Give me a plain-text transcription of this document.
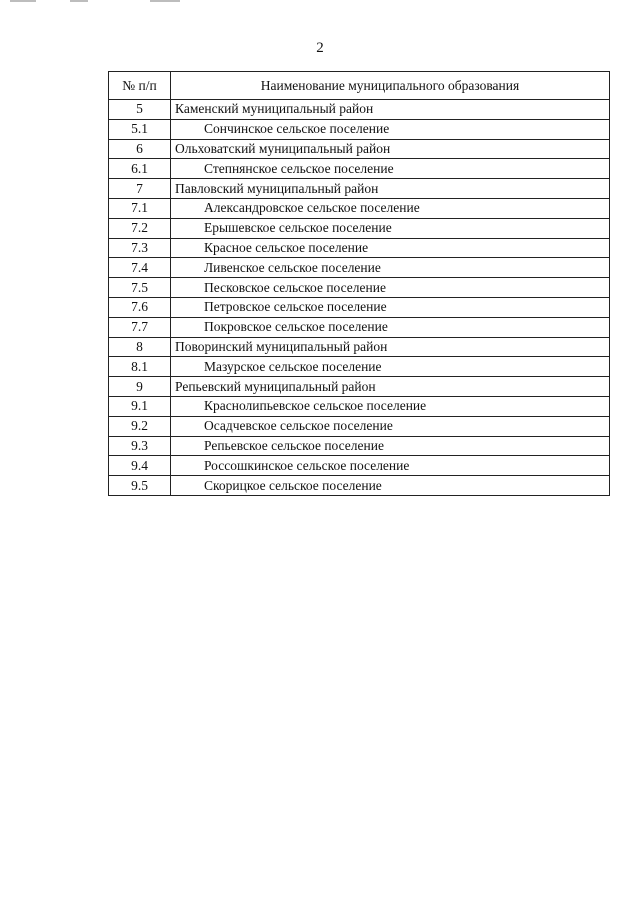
2
№ п/п	Наименование муниципального образования
5	Каменский муниципальный район
5.1	Сончинское сельское поселение
6	Ольховатский муниципальный район
6.1	Степнянское сельское поселение
7	Павловский муниципальный район
7.1	Александровское сельское поселение
7.2	Ерышевское сельское поселение
7.3	Красное сельское поселение
7.4	Ливенское сельское поселение
7.5	Песковское сельское поселение
7.6	Петровское сельское поселение
7.7	Покровское сельское поселение
8	Поворинский муниципальный район
8.1	Мазурское сельское поселение
9	Репьевский муниципальный район
9.1	Краснолипьевское сельское поселение
9.2	Осадчевское сельское поселение
9.3	Репьевское сельское поселение
9.4	Россошкинское сельское поселение
9.5	Скорицкое сельское поселение
